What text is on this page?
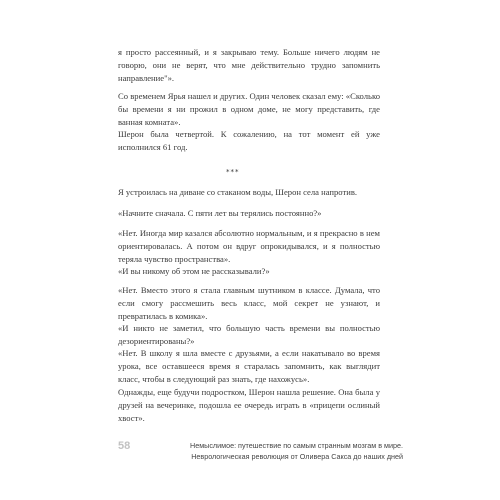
я просто рассеянный, и я закрываю тему. Больше ничего людям не говорю, они не верят, что мне действительно трудно запомнить направление"».

Со временем Ярья нашел и других. Один человек сказал ему: «Сколько бы времени я ни прожил в одном доме, не могу представить, где ванная комната».

Шерон была четвертой. К сожалению, на тот момент ей уже исполнился 61 год.

***

Я устроилась на диване со стаканом воды, Шерон села напротив.

«Начните сначала. С пяти лет вы терялись постоянно?»

«Нет. Иногда мир казался абсолютно нормальным, и я прекрасно в нем ориентировалась. А потом он вдруг опрокидывался, и я полностью теряла чувство пространства».

«И вы никому об этом не рассказывали?»

«Нет. Вместо этого я стала главным шутником в классе. Думала, что если смогу рассмешить весь класс, мой секрет не узнают, и превратилась в комика».

«И никто не заметил, что большую часть времени вы полностью дезориентированы?»

«Нет. В школу я шла вместе с друзьями, а если накатывало во время урока, все оставшееся время я старалась запомнить, как выглядит класс, чтобы в следующий раз знать, где нахожусь».

Однажды, еще будучи подростком, Шерон нашла решение. Она была у друзей на вечеринке, подошла ее очередь играть в «прицепи ослиный хвост».

58	Немыслимое: путешествие по самым странным мозгам в мире.
Неврологическая революция от Оливера Сакса до наших дней
